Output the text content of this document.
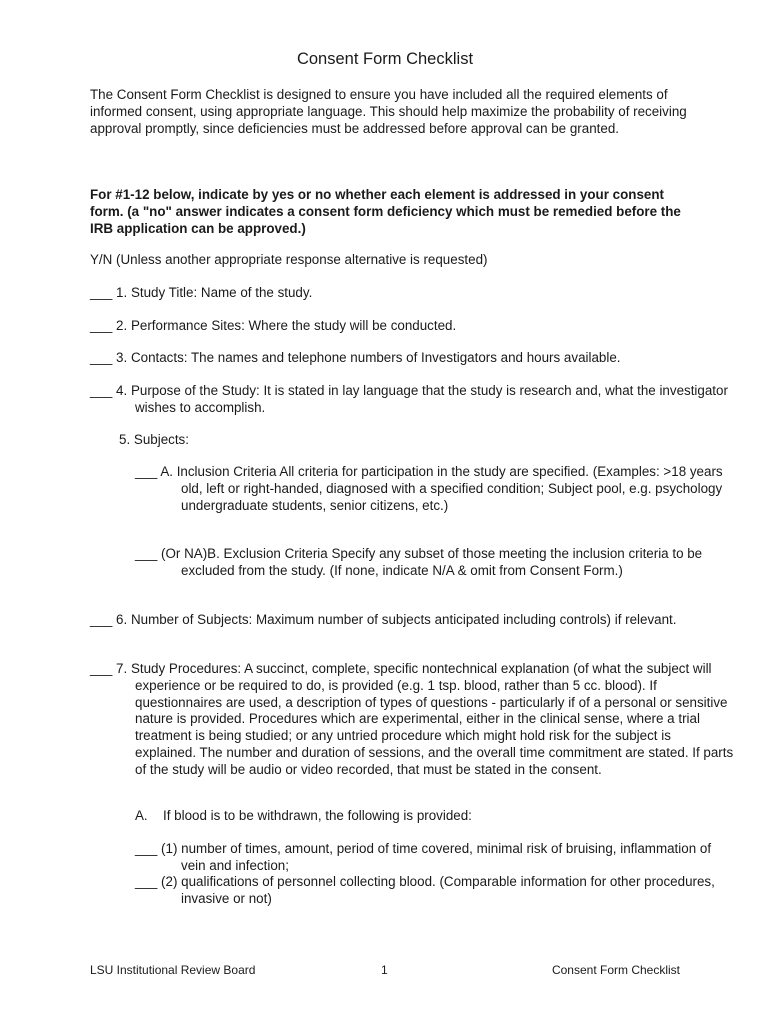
Consent Form Checklist
The Consent Form Checklist is designed to ensure you have included all the required elements of informed consent, using appropriate language. This should help maximize the probability of receiving approval promptly, since deficiencies must be addressed before approval can be granted.
For #1-12 below, indicate by yes or no whether each element is addressed in your consent form. (a "no" answer indicates a consent form deficiency which must be remedied before the IRB application can be approved.)
Y/N (Unless another appropriate response alternative is requested)
___ 1. Study Title: Name of the study.
___ 2. Performance Sites: Where the study will be conducted.
___ 3. Contacts: The names and telephone numbers of Investigators and hours available.
___ 4. Purpose of the Study: It is stated in lay language that the study is research and, what the investigator wishes to accomplish.
5. Subjects:
___ A. Inclusion Criteria All criteria for participation in the study are specified. (Examples: >18 years old, left or right-handed, diagnosed with a specified condition; Subject pool, e.g. psychology undergraduate students, senior citizens, etc.)
___ (Or NA)B. Exclusion Criteria Specify any subset of those meeting the inclusion criteria to be excluded from the study. (If none, indicate N/A & omit from Consent Form.)
___ 6. Number of Subjects: Maximum number of subjects anticipated including controls) if relevant.
___ 7. Study Procedures: A succinct, complete, specific nontechnical explanation (of what the subject will experience or be required to do, is provided (e.g. 1 tsp. blood, rather than 5 cc. blood). If questionnaires are used, a description of types of questions - particularly if of a personal or sensitive nature is provided. Procedures which are experimental, either in the clinical sense, where a trial treatment is being studied; or any untried procedure which might hold risk for the subject is explained. The number and duration of sessions, and the overall time commitment are stated. If parts of the study will be audio or video recorded, that must be stated in the consent.
A. If blood is to be withdrawn, the following is provided:
___ (1) number of times, amount, period of time covered, minimal risk of bruising, inflammation of vein and infection;
___ (2) qualifications of personnel collecting blood. (Comparable information for other procedures, invasive or not)
LSU Institutional Review Board	1	Consent Form Checklist
